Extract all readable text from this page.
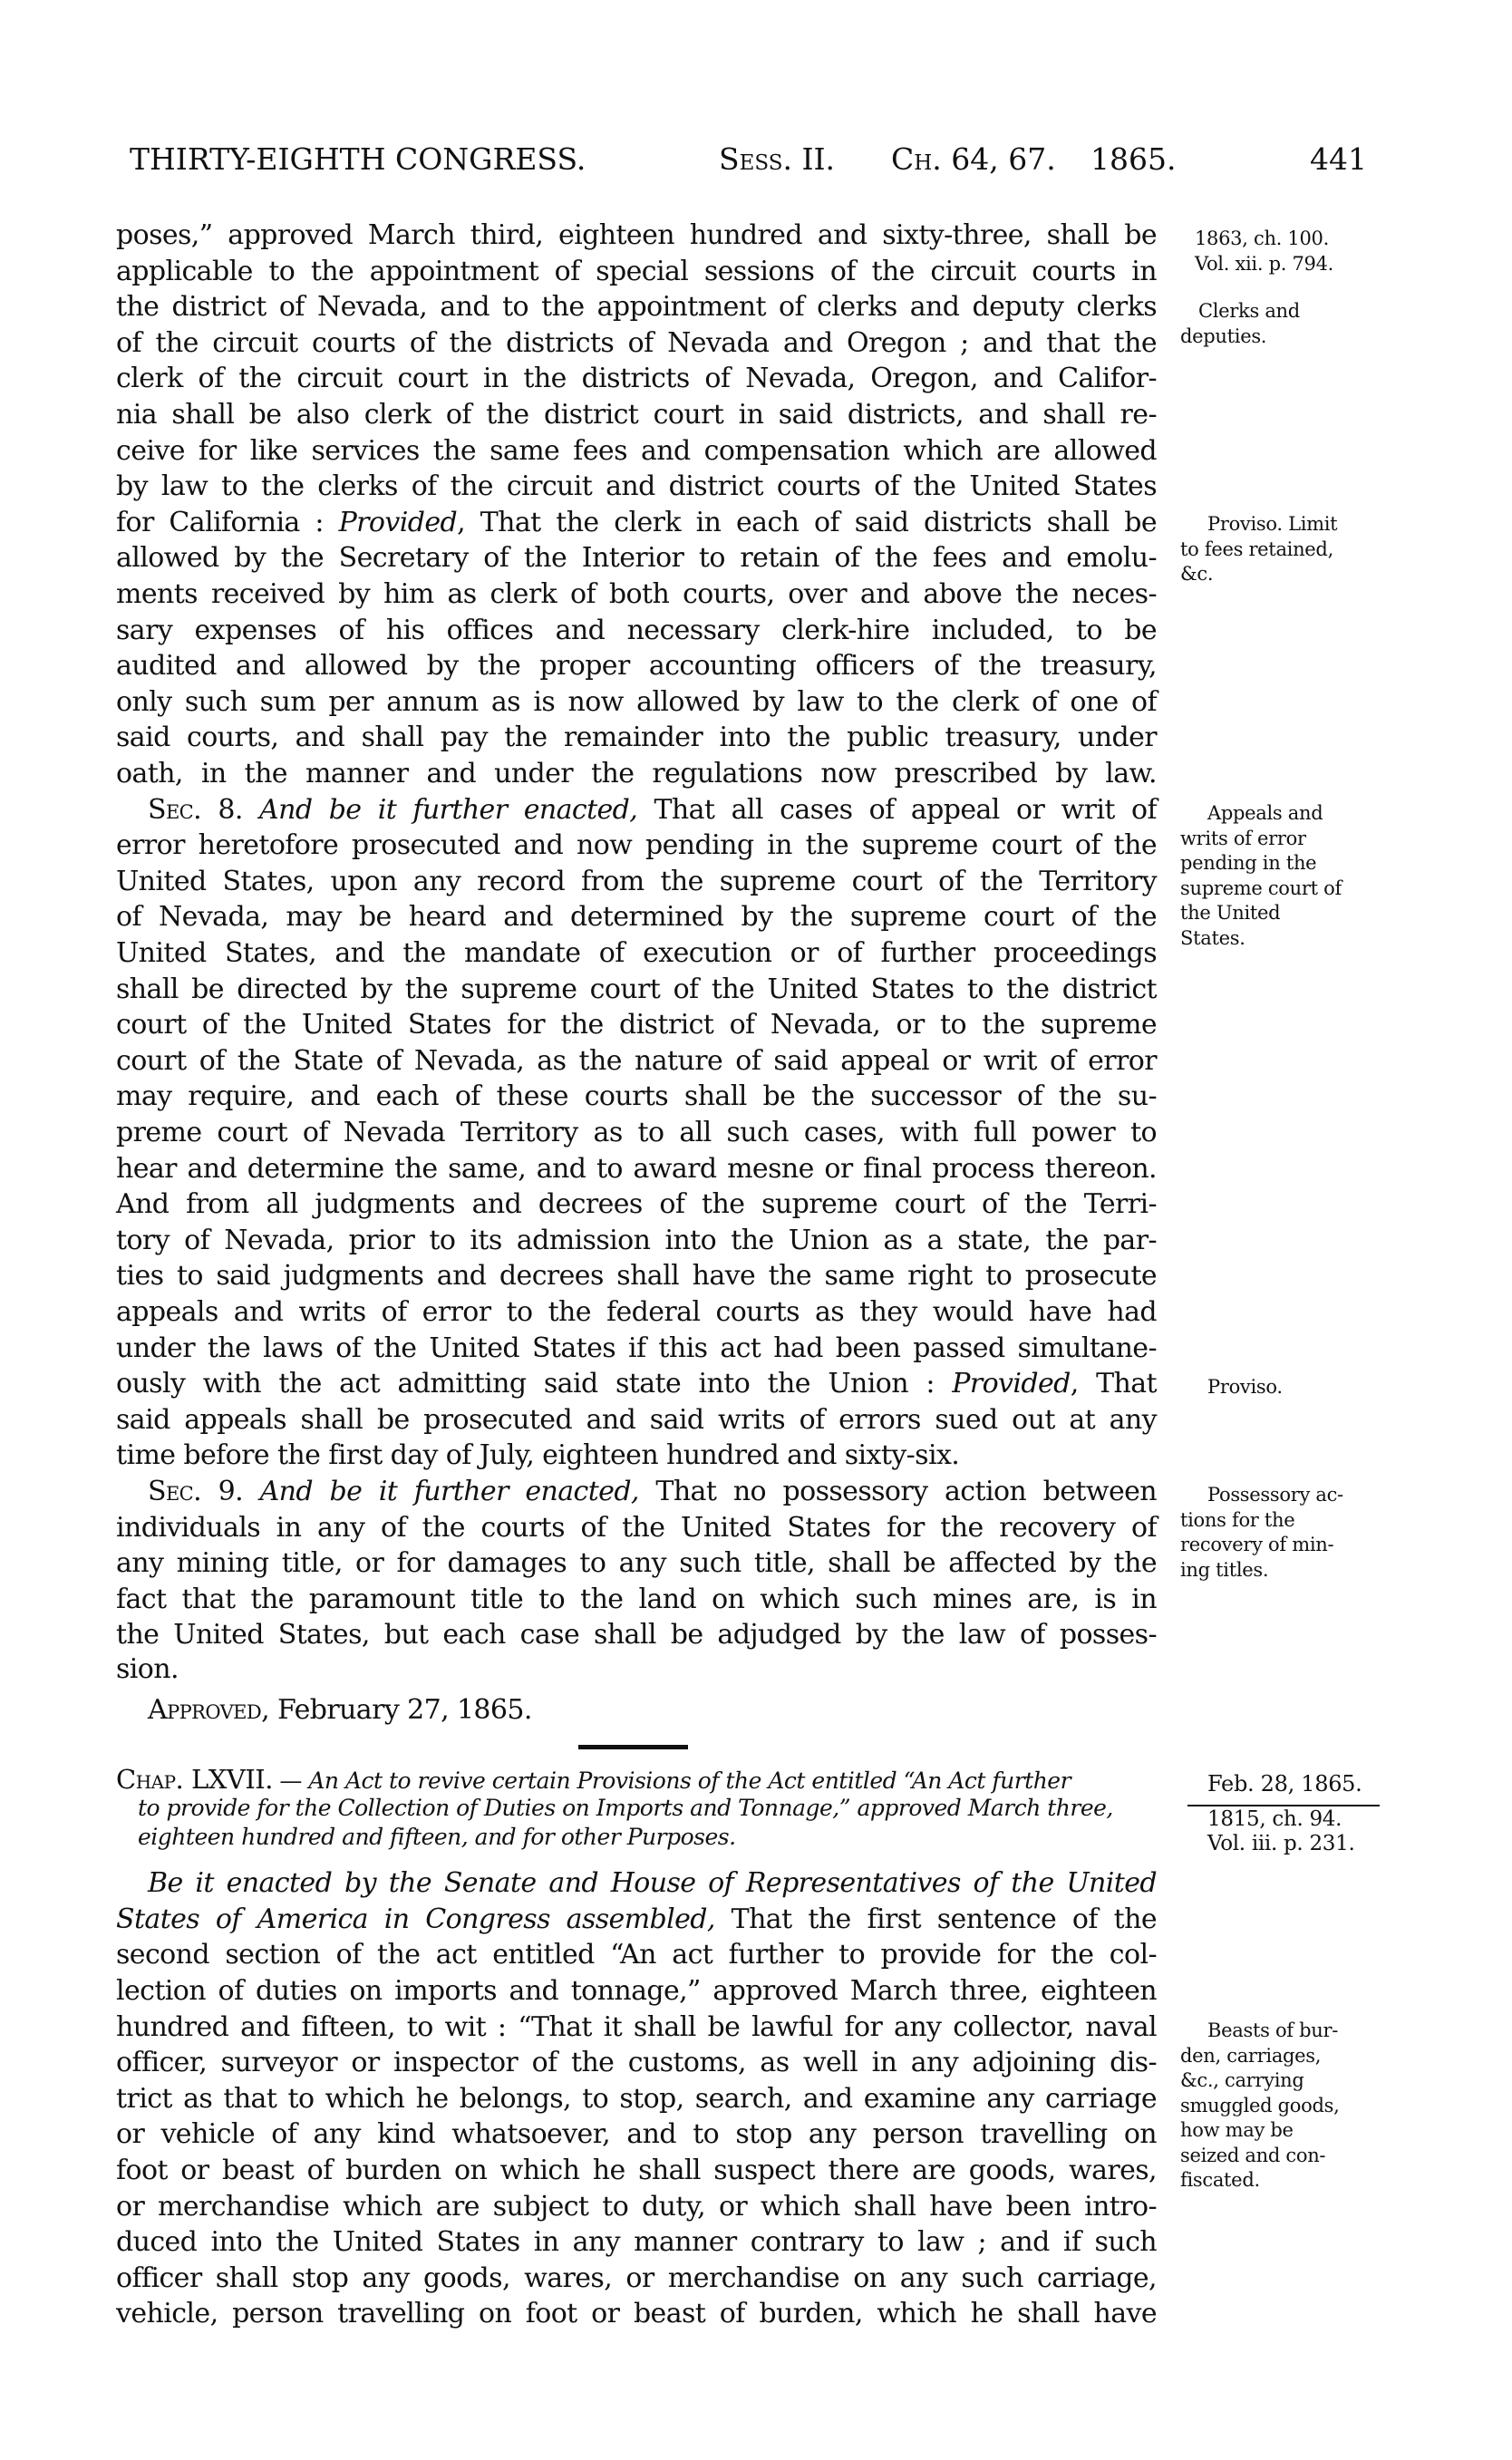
THIRTY-EIGHTH CONGRESS.	Sess. II. Ch. 64, 67. 1865.	441
poses,” approved March third, eighteen hundred and sixty-three, shall be
applicable to the appointment of special sessions of the circuit courts in
the district of Nevada, and to the appointment of clerks and deputy clerks
of the circuit courts of the districts of Nevada and Oregon ; and that the
clerk of the circuit court in the districts of Nevada, Oregon, and Califor-
nia shall be also clerk of the district court in said districts, and shall re-
ceive for like services the same fees and compensation which are allowed
by law to the clerks of the circuit and district courts of the United States
for California : Provided, That the clerk in each of said districts shall be
allowed by the Secretary of the Interior to retain of the fees and emolu-
ments received by him as clerk of both courts, over and above the neces-
sary expenses of his offices and necessary clerk-hire included, to be
audited and allowed by the proper accounting officers of the treasury,
only such sum per annum as is now allowed by law to the clerk of one of
said courts, and shall pay the remainder into the public treasury, under
oath, in the manner and under the regulations now prescribed by law.
Sec. 8. And be it further enacted, That all cases of appeal or writ of
error heretofore prosecuted and now pending in the supreme court of the
United States, upon any record from the supreme court of the Territory
of Nevada, may be heard and determined by the supreme court of the
United States, and the mandate of execution or of further proceedings
shall be directed by the supreme court of the United States to the district
court of the United States for the district of Nevada, or to the supreme
court of the State of Nevada, as the nature of said appeal or writ of error
may require, and each of these courts shall be the successor of the su-
preme court of Nevada Territory as to all such cases, with full power to
hear and determine the same, and to award mesne or final process thereon.
And from all judgments and decrees of the supreme court of the Terri-
tory of Nevada, prior to its admission into the Union as a state, the par-
ties to said judgments and decrees shall have the same right to prosecute
appeals and writs of error to the federal courts as they would have had
under the laws of the United States if this act had been passed simultane-
ously with the act admitting said state into the Union : Provided, That
said appeals shall be prosecuted and said writs of errors sued out at any
time before the first day of July, eighteen hundred and sixty-six.
Sec. 9. And be it further enacted, That no possessory action between
individuals in any of the courts of the United States for the recovery of
any mining title, or for damages to any such title, shall be affected by the
fact that the paramount title to the land on which such mines are, is in
the United States, but each case shall be adjudged by the law of posses-
sion.
Approved, February 27, 1865.
Chap. LXVII. — An Act to revive certain Provisions of the Act entitled “An Act further
to provide for the Collection of Duties on Imports and Tonnage,” approved March three,
eighteen hundred and fifteen, and for other Purposes.
Be it enacted by the Senate and House of Representatives of the United
States of America in Congress assembled, That the first sentence of the
second section of the act entitled “An act further to provide for the col-
lection of duties on imports and tonnage,” approved March three, eighteen
hundred and fifteen, to wit : “That it shall be lawful for any collector, naval
officer, surveyor or inspector of the customs, as well in any adjoining dis-
trict as that to which he belongs, to stop, search, and examine any carriage
or vehicle of any kind whatsoever, and to stop any person travelling on
foot or beast of burden on which he shall suspect there are goods, wares,
or merchandise which are subject to duty, or which shall have been intro-
duced into the United States in any manner contrary to law ; and if such
officer shall stop any goods, wares, or merchandise on any such carriage,
vehicle, person travelling on foot or beast of burden, which he shall have
1863, ch. 100.
Vol. xii. p. 794.
Clerks and
deputies.
Proviso. Limit
to fees retained,
&c.
Appeals and
writs of error
pending in the
supreme court of
the United
States.
Proviso.
Possessory ac-
tions for the
recovery of min-
ing titles.
Feb. 28, 1865.
1815, ch. 94.
Vol. iii. p. 231.
Beasts of bur-
den, carriages,
&c., carrying
smuggled goods,
how may be
seized and con-
fiscated.
